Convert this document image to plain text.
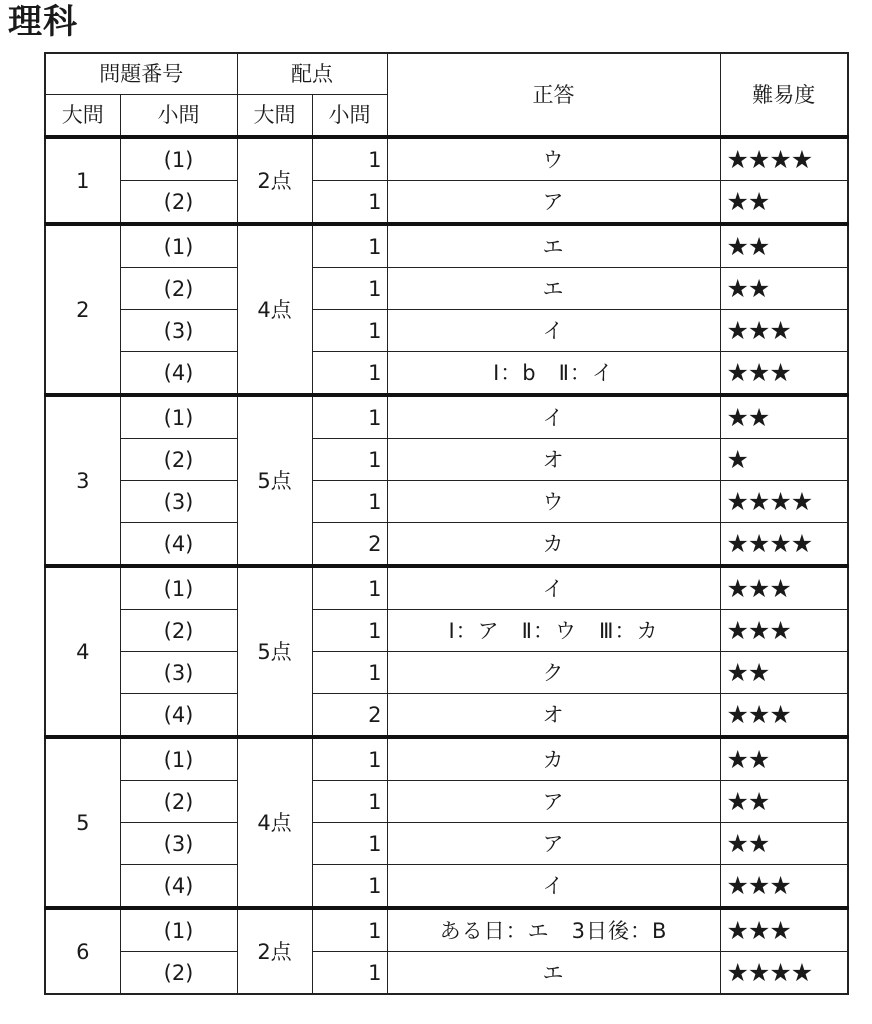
理科
問題番号		配点		正答	難易度
大問	小問	大問	小問		
1	(1)	2点	1	ウ	★★★★
	(2)		1	ア	★★
2	(1)	4点	1	エ	★★
	(2)		1	エ	★★
	(3)		1	イ	★★★
	(4)		1	Ⅰ：b　Ⅱ：イ	★★★
3	(1)	5点	1	イ	★★
	(2)		1	オ	★
	(3)		1	ウ	★★★★
	(4)		2	カ	★★★★
4	(1)	5点	1	イ	★★★
	(2)		1	Ⅰ：ア　Ⅱ：ウ　Ⅲ：カ	★★★
	(3)		1	ク	★★
	(4)		2	オ	★★★
5	(1)	4点	1	カ	★★
	(2)		1	ア	★★
	(3)		1	ア	★★
	(4)		1	イ	★★★
6	(1)	2点	1	ある日：エ　3日後：B	★★★
	(2)		1	エ	★★★★
